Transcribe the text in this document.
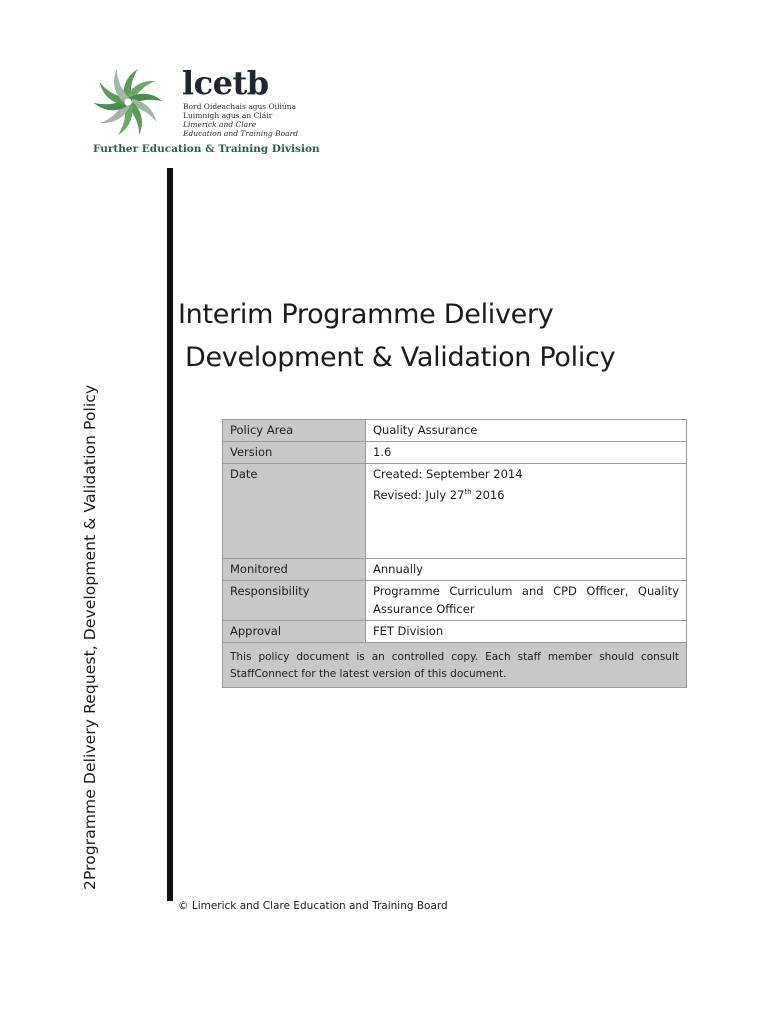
lcetb
Bord Oideachais agus Oiliúna
Luimnigh agus an Cláir
Limerick and Clare
Education and Training Board
Further Education & Training Division
2Programme Delivery Request, Development & Validation Policy
Interim Programme Delivery
Development & Validation Policy
Policy Area	Quality Assurance
Version	1.6
Date	Created: September 2014
Revised: July 27th 2016

Monitored	Annually
Responsibility	Programme Curriculum and CPD Officer, Quality Assurance Officer
Approval	FET Division
This policy document is an controlled copy. Each staff member should consult StaffConnect for the latest version of this document.	
© Limerick and Clare Education and Training Board
